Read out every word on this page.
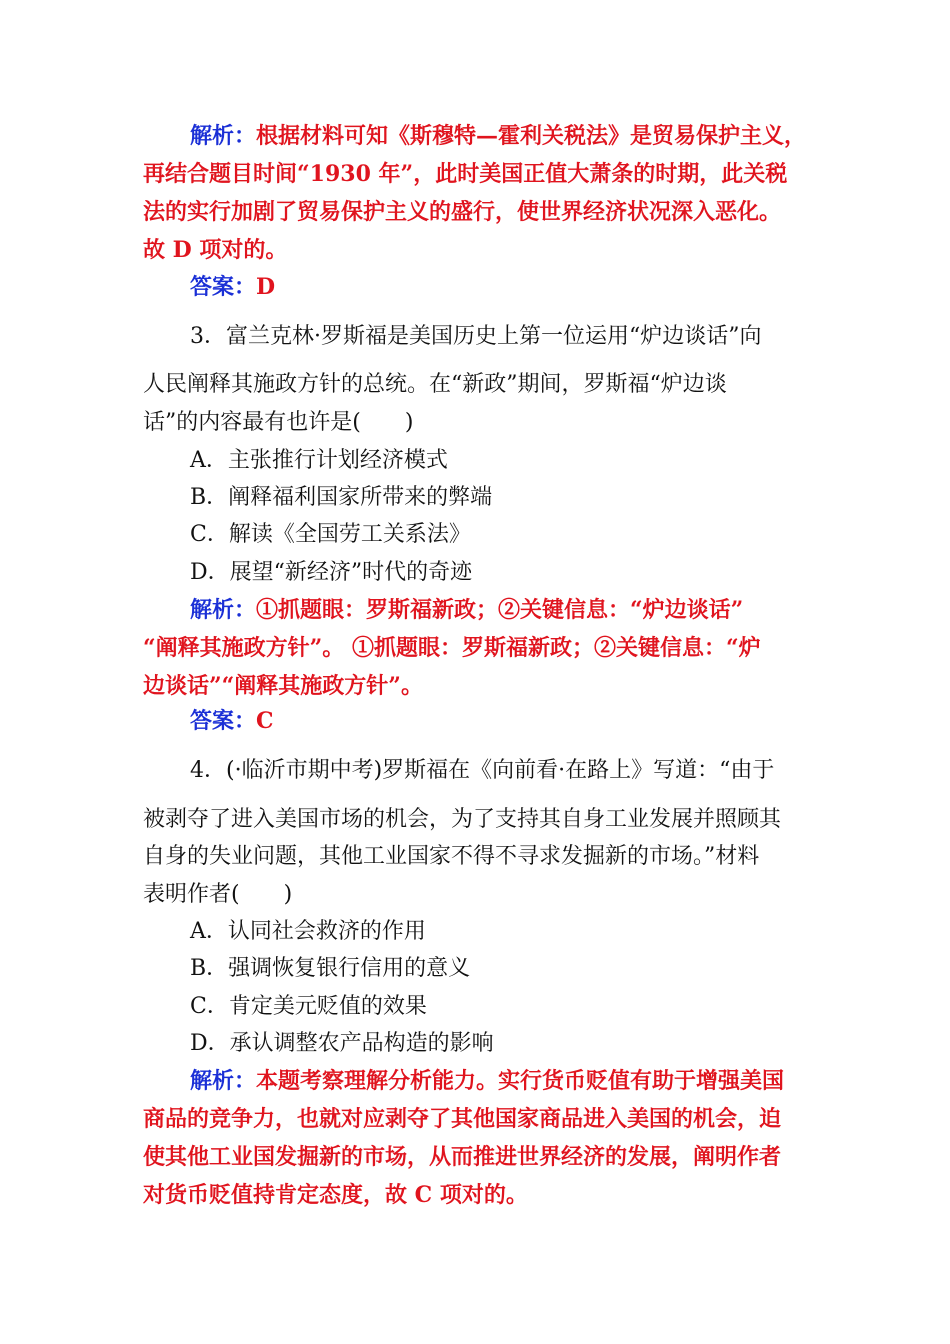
解析：根据材料可知《斯穆特—霍利关税法》是贸易保护主义，
再结合题目时间“1930 年”，此时美国正值大萧条的时期，此关税
法的实行加剧了贸易保护主义的盛行，使世界经济状况深入恶化。
故 D 项对的。
答案：D
3．富兰克林·罗斯福是美国历史上第一位运用“炉边谈话”向
人民阐释其施政方针的总统。在“新政”期间，罗斯福“炉边谈
话”的内容最有也许是(　　)
A．主张推行计划经济模式
B．阐释福利国家所带来的弊端
C．解读《全国劳工关系法》
D．展望“新经济”时代的奇迹
解析：①抓题眼：罗斯福新政；②关键信息：“炉边谈话”
“阐释其施政方针”。 ①抓题眼：罗斯福新政；②关键信息：“炉
边谈话”“阐释其施政方针”。
答案：C
4．(·临沂市期中考)罗斯福在《向前看·在路上》写道：“由于
被剥夺了进入美国市场的机会，为了支持其自身工业发展并照顾其
自身的失业问题，其他工业国家不得不寻求发掘新的市场。”材料
表明作者(　　)
A．认同社会救济的作用
B．强调恢复银行信用的意义
C．肯定美元贬值的效果
D．承认调整农产品构造的影响
解析：本题考察理解分析能力。实行货币贬值有助于增强美国
商品的竞争力，也就对应剥夺了其他国家商品进入美国的机会，迫
使其他工业国发掘新的市场，从而推进世界经济的发展，阐明作者
对货币贬值持肯定态度，故 C 项对的。
